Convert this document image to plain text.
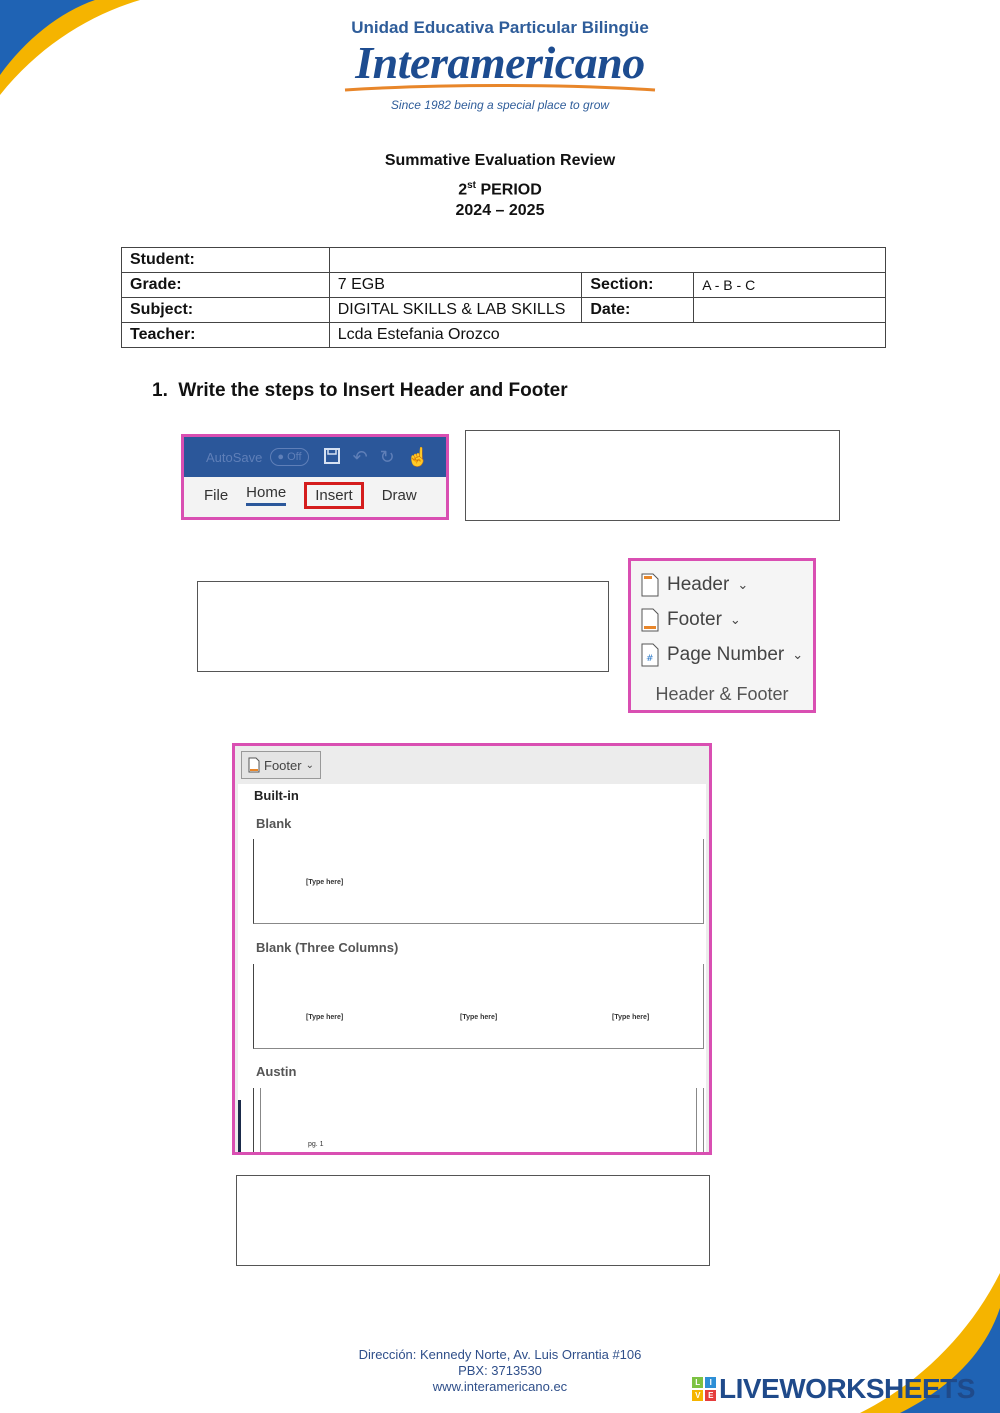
Unidad Educativa Particular Bilingüe
Interamericano
Since 1982 being a special place to grow
Summative Evaluation Review
2st PERIOD
2024 – 2025
Student:			
Grade:	7 EGB	Section:	A - B - C
Subject:	DIGITAL SKILLS & LAB SKILLS	Date:	
Teacher:	Lcda Estefania Orozco		
1. Write the steps to Insert Header and Footer
AutoSave	● Off	↶ ↻ ☝
File Home	Insert	Draw
Header ⌄
Footer ⌄
# Page Number ⌄
Header & Footer
Footer ⌄
Built-in
Blank
[Type here]
Blank (Three Columns)
[Type here]	[Type here]	[Type here]
Austin
pg. 1
Dirección: Kennedy Norte, Av. Luis Orrantia #106
PBX: 3713530
www.interamericano.ec	L	I
V	E LIVEWORKSHEETS
